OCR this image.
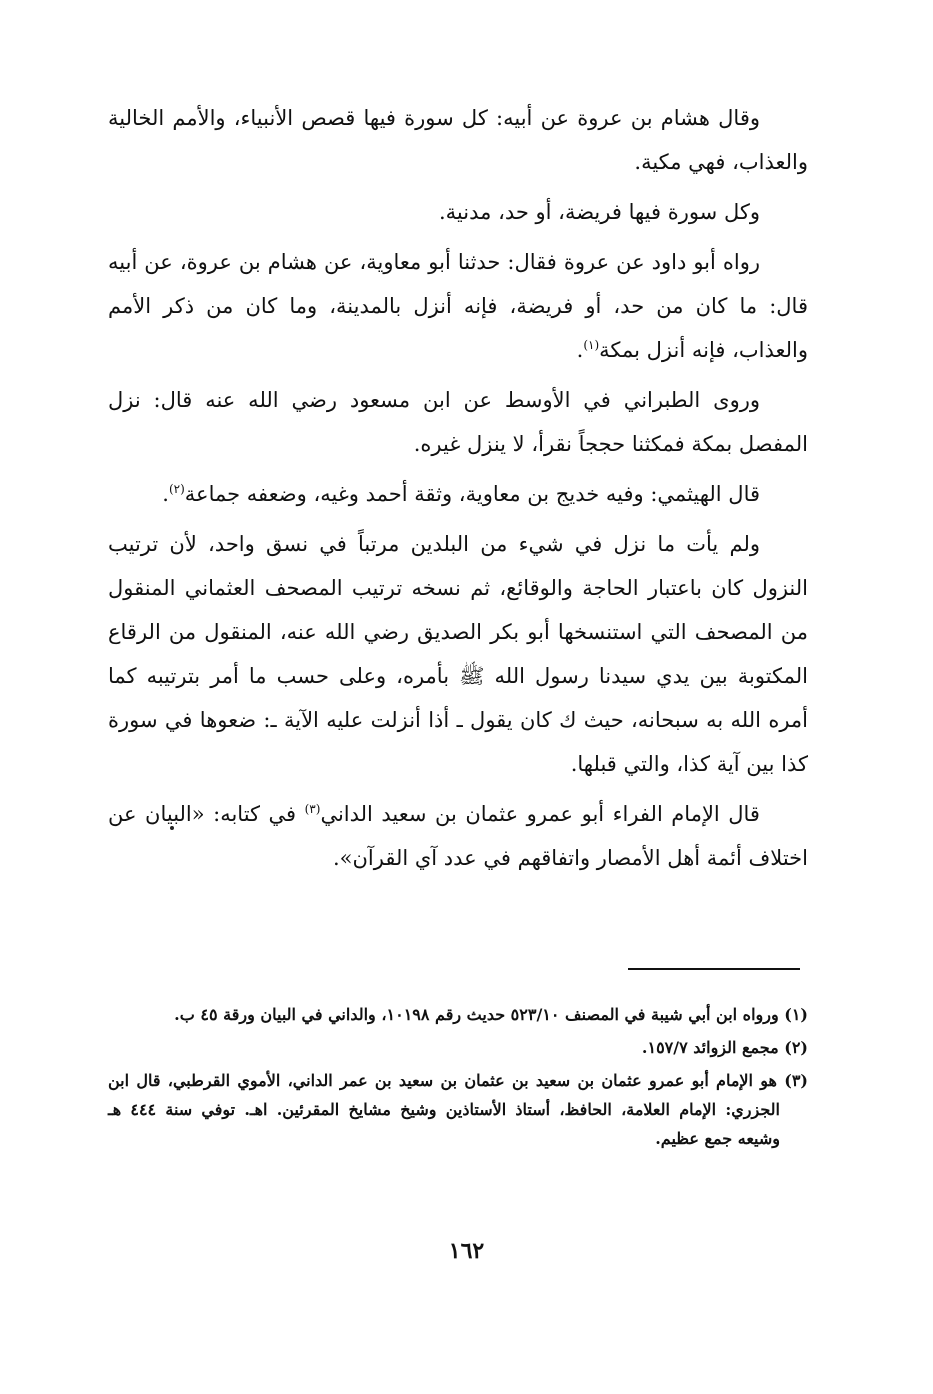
وقال هشام بن عروة عن أبيه: كل سورة فيها قصص الأنبياء، والأمم الخالية والعذاب، فهي مكية.

وكل سورة فيها فريضة، أو حد، مدنية.

رواه أبو داود عن عروة فقال: حدثنا أبو معاوية، عن هشام بن عروة، عن أبيه قال: ما كان من حد، أو فريضة، فإنه أنزل بالمدينة، وما كان من ذكر الأمم والعذاب، فإنه أنزل بمكة$^{(١)}$.

وروى الطبراني في الأوسط عن ابن مسعود رضي الله عنه قال: نزل المفصل بمكة فمكثنا حججاً نقرأ، لا ينزل غيره.

قال الهيثمي: وفيه خديج بن معاوية، وثقة أحمد وغيه، وضعفه جماعة$^{(٢)}$.

ولم يأت ما نزل في شيء من البلدين مرتباً في نسق واحد، لأن ترتيب النزول كان باعتبار الحاجة والوقائع، ثم نسخه ترتيب المصحف العثماني المنقول من المصحف التي استنسخها أبو بكر الصديق رضي الله عنه، المنقول من الرقاع المكتوبة بين يدي سيدنا رسول الله ﷺ بأمره، وعلى حسب ما أمر بترتيبه كما أمره الله به سبحانه، حيث ك كان يقول ـ أذا أنزلت عليه الآية ـ: ضعوها في سورة كذا بين آية كذا، والتي قبلها.

قال الإمام الفراء أبو عمرو عثمان بن سعيد الداني$^{(٣)}$ في كتابه: «البيان عن اختلاف أئمة أهل الأمصار واتفاقهم في عدد آي القرآن».

(١) ورواه ابن أبي شيبة في المصنف ٥٢٣/١٠ حديث رقم ١٠١٩٨، والداني في البيان ورقة ٤٥ ب.

(٢) مجمع الزوائد ١٥٧/٧.

(٣) هو الإمام أبو عمرو عثمان بن سعيد بن عثمان بن سعيد بن عمر الداني، الأموي القرطبي، قال ابن الجزري: الإمام العلامة، الحافظ، أستاذ الأستاذين وشيخ مشايخ المقرئين. اهـ. توفي سنة ٤٤٤ هـ وشيعه جمع عظيم.

١٦٢
